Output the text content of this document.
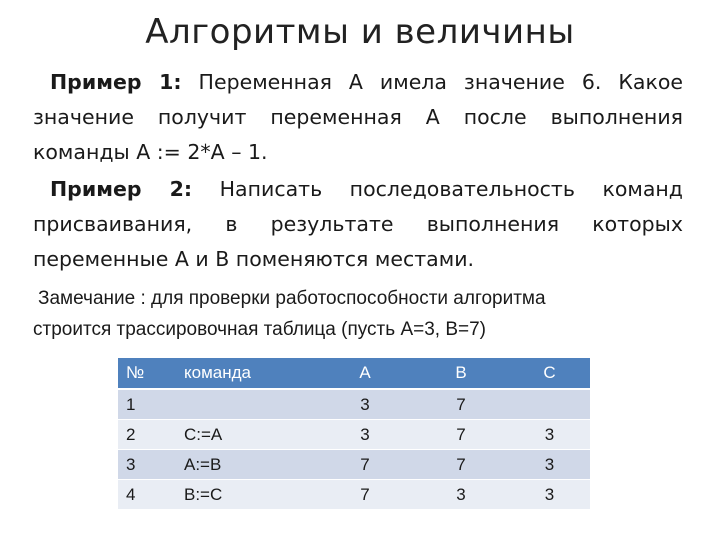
Алгоритмы и величины
Пример 1: Переменная А имела значение 6. Какое значение получит переменная А после выполнения команды А := 2*А – 1.
Пример 2: Написать последовательность команд присваивания, в результате выполнения которых переменные А и В поменяются местами.
Замечание : для проверки работоспособности алгоритма
строится трассировочная таблица (пусть А=3, В=7)
№	команда	A	B	C
1		3	7	
2	C:=A	3	7	3
3	A:=B	7	7	3
4	B:=C	7	3	3
